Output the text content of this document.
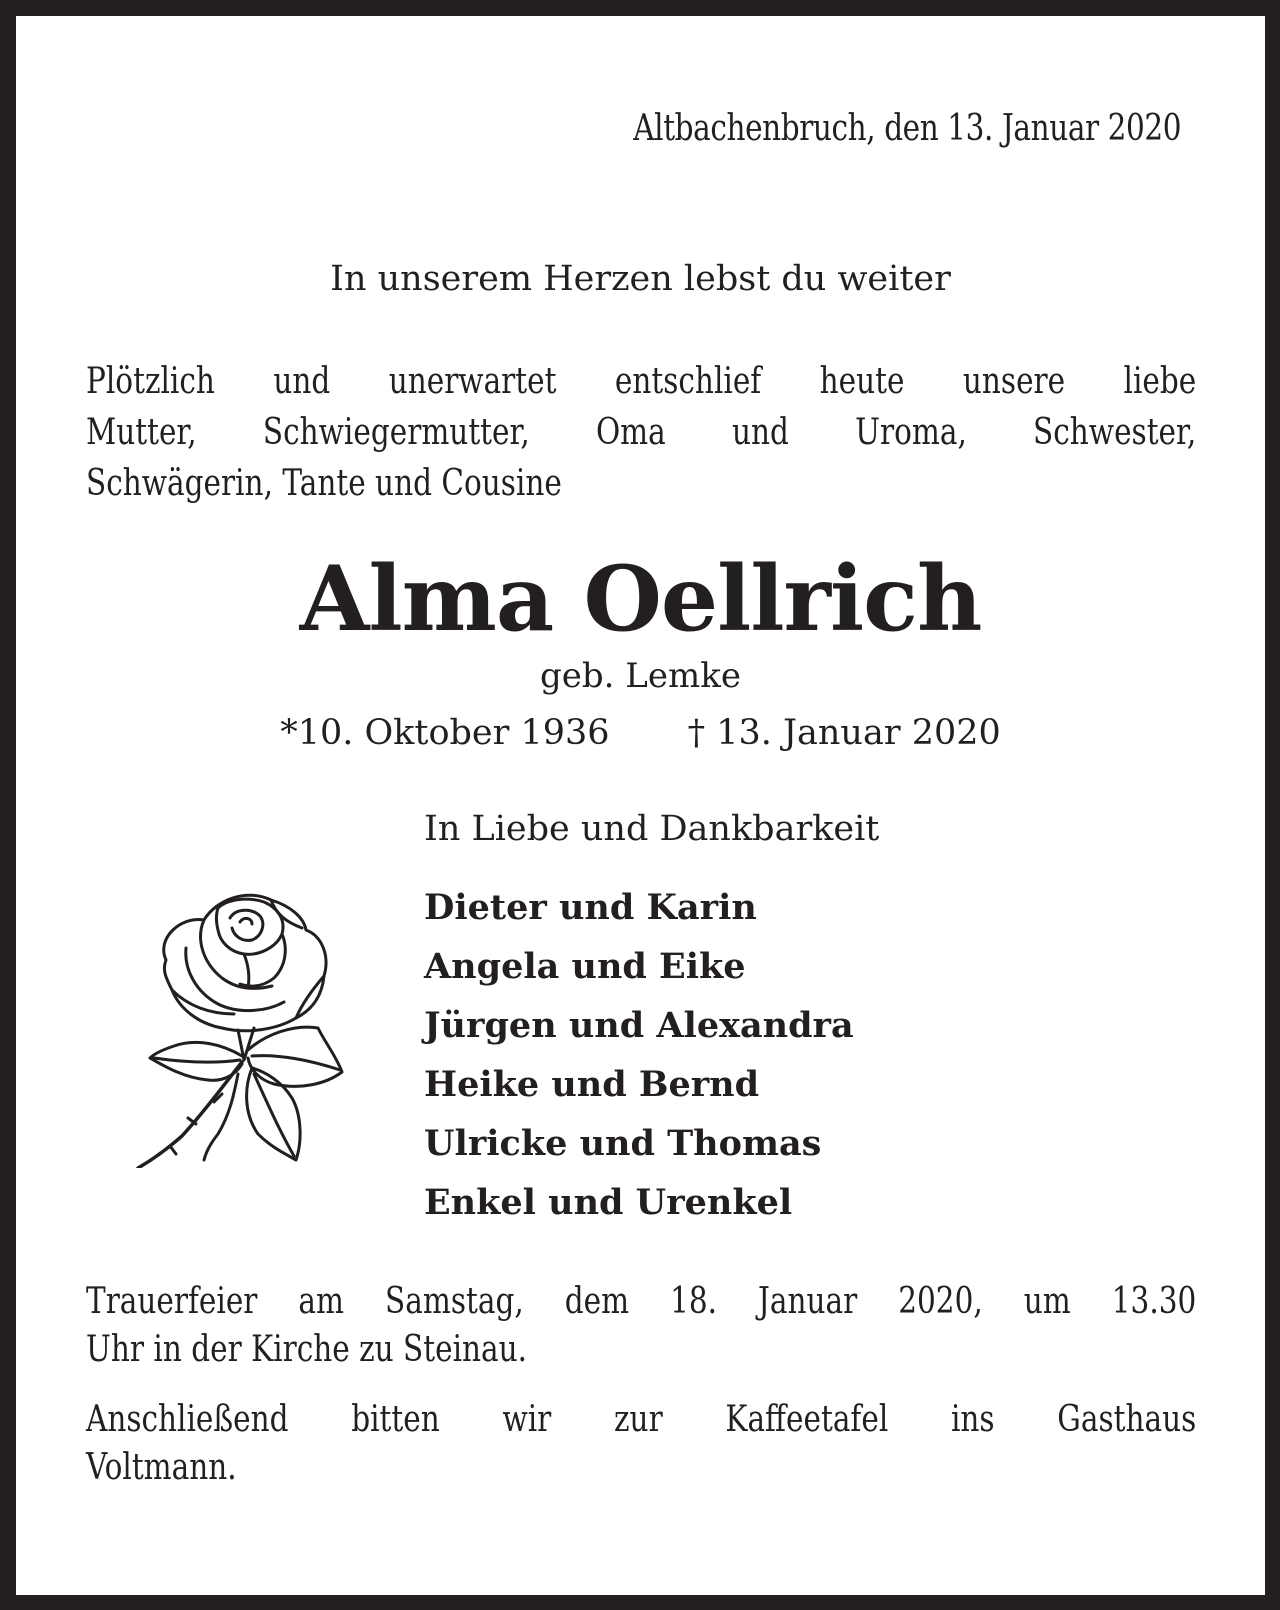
Altbachenbruch, den 13. Januar 2020

In unserem Herzen lebst du weiter

Plötzlich und unerwartet entschlief heute unsere liebe
Mutter, Schwiegermutter, Oma und Uroma, Schwester,
Schwägerin, Tante und Cousine
Alma Oellrich

geb. Lemke

*10. Oktober 1936 † 13. Januar 2020

In Liebe und Dankbarkeit

Dieter und Karin
Angela und Eike
Jürgen und Alexandra
Heike und Bernd
Ulricke und Thomas
Enkel und Urenkel
Trauerfeier am Samstag, dem 18. Januar 2020, um 13.30
Uhr in der Kirche zu Steinau.
Anschließend bitten wir zur Kaffeetafel ins Gasthaus
Voltmann.
